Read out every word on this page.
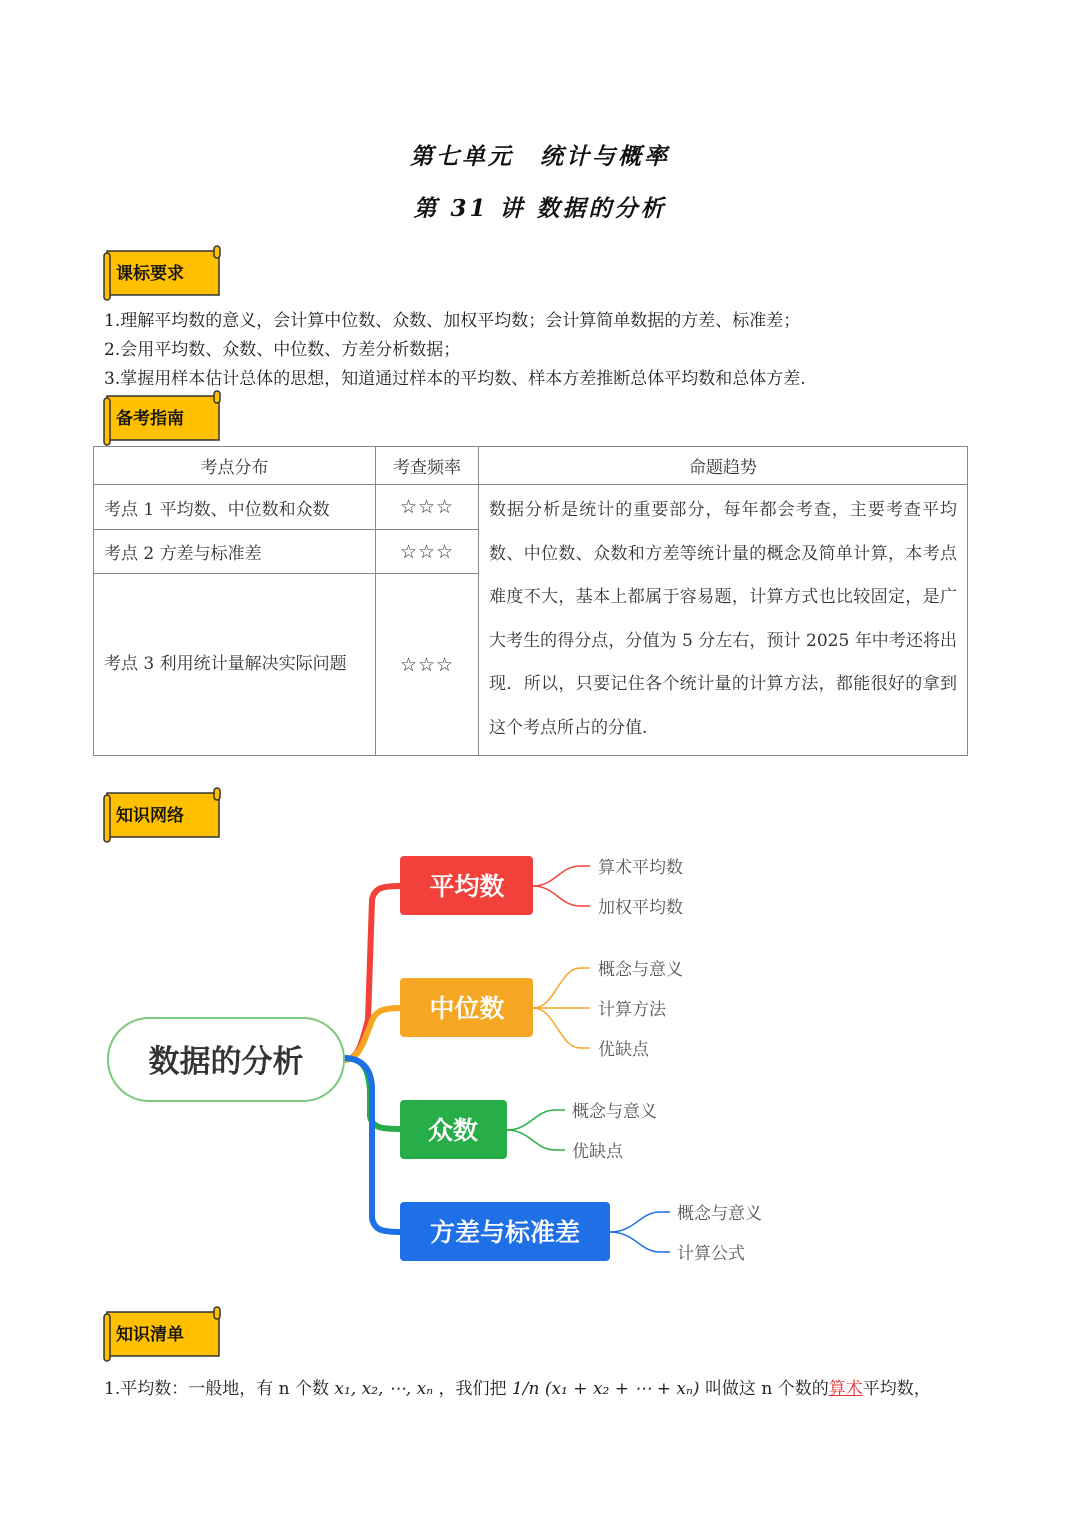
第七单元　统计与概率
第 31 讲 数据的分析
课标要求
1.理解平均数的意义，会计算中位数、众数、加权平均数；会计算简单数据的方差、标准差；
2.会用平均数、众数、中位数、方差分析数据；
3.掌握用样本估计总体的思想，知道通过样本的平均数、样本方差推断总体平均数和总体方差.
备考指南
考点分布	考查频率	命题趋势
考点 1 平均数、中位数和众数	☆☆☆	数据分析是统计的重要部分，每年都会考查，主要考查平均数、中位数、众数和方差等统计量的概念及简单计算，本考点难度不大，基本上都属于容易题，计算方式也比较固定，是广大考生的得分点，分值为 5 分左右，预计 2025 年中考还将出现．所以，只要记住各个统计量的计算方法，都能很好的拿到这个考点所占的分值.
考点 2 方差与标准差	☆☆☆	
考点 3 利用统计量解决实际问题	☆☆☆	
知识网络
数据的分析
平均数
算术平均数
加权平均数
中位数
概念与意义
计算方法
优缺点
众数
概念与意义
优缺点
方差与标准差
概念与意义
计算公式
知识清单
1.平均数：一般地，有 n 个数 x₁, x₂, ⋯, xₙ ，我们把 1/n (x₁ + x₂ + ⋯ + xₙ) 叫做这 n 个数的算术平均数，
